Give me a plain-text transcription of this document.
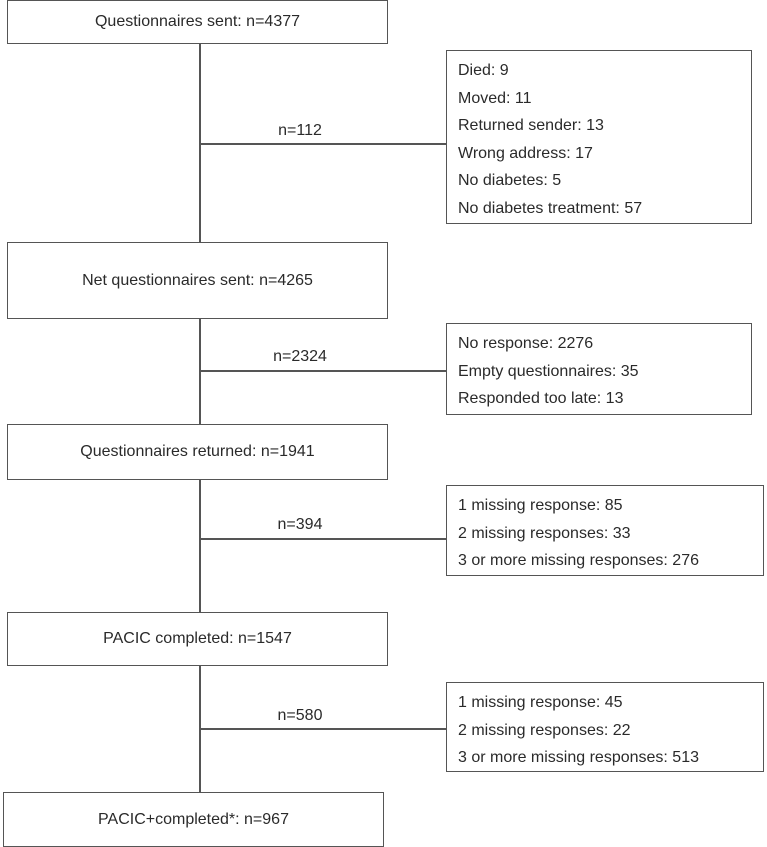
n=112
n=2324
n=394
n=580
Questionnaires sent: n=4377
Net questionnaires sent: n=4265
Questionnaires returned: n=1941
PACIC completed: n=1547
PACIC+completed*: n=967
Died: 9
Moved: 11
Returned sender: 13
Wrong address: 17
No diabetes: 5
No diabetes treatment: 57
No response: 2276
Empty questionnaires: 35
Responded too late: 13
1 missing response: 85
2 missing responses: 33
3 or more missing responses: 276
1 missing response: 45
2 missing responses: 22
3 or more missing responses: 513
